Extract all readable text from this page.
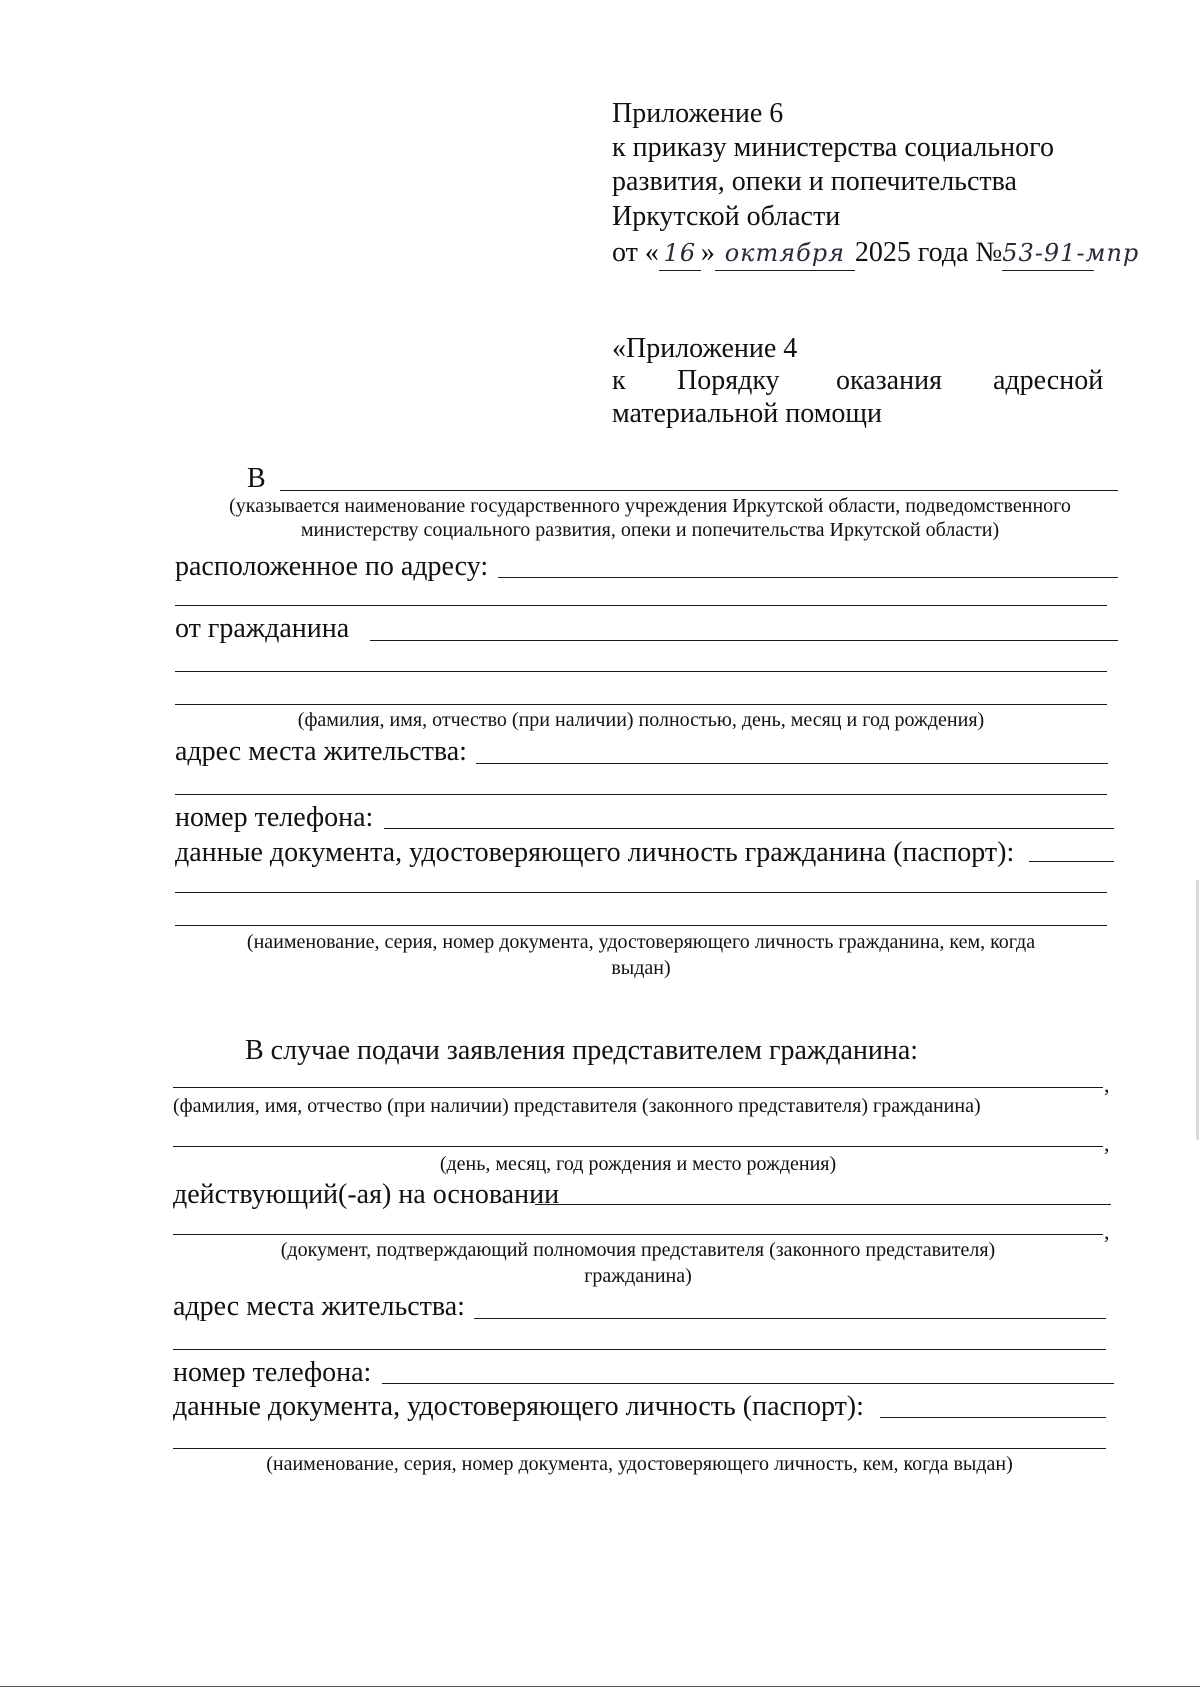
Приложение 6
к приказу министерства социального
развития, опеки и попечительства
Иркутской области
от « 16 » октября 2025 года №53-91-мпр
«Приложение 4
к Порядку оказания адресной
материальной помощи
В
(указывается наименование государственного учреждения Иркутской области, подведомственного
министерству социального развития, опеки и попечительства Иркутской области)
расположенное по адресу:
от гражданина
(фамилия, имя, отчество (при наличии) полностью, день, месяц и год рождения)
адрес места жительства:
номер телефона:
данные документа, удостоверяющего личность гражданина (паспорт):
(наименование, серия, номер документа, удостоверяющего личность гражданина, кем, когда
выдан)
В случае подачи заявления представителем гражданина:
,
(фамилия, имя, отчество (при наличии) представителя (законного представителя) гражданина)
,
(день, месяц, год рождения и место рождения)
действующий(-ая) на основании
,
(документ, подтверждающий полномочия представителя (законного представителя)
гражданина)
адрес места жительства:
номер телефона:
данные документа, удостоверяющего личность (паспорт):
(наименование, серия, номер документа, удостоверяющего личность, кем, когда выдан)
